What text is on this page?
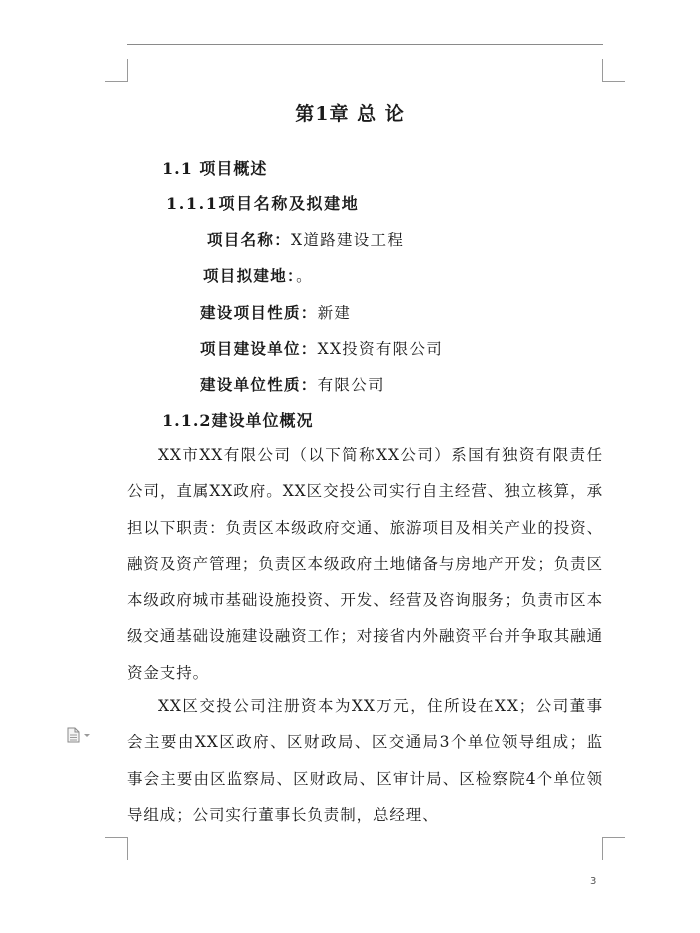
第1章 总 论
1.1 项目概述
1.1.1项目名称及拟建地
项目名称：X道路建设工程
项目拟建地：。
建设项目性质：新建
项目建设单位：XX投资有限公司
建设单位性质：有限公司
1.1.2建设单位概况

XX市XX有限公司（以下简称XX公司）系国有独资有限责任公司，直属XX政府。XX区交投公司实行自主经营、独立核算，承担以下职责：负责区本级政府交通、旅游项目及相关产业的投资、融资及资产管理；负责区本级政府土地储备与房地产开发；负责区本级政府城市基础设施投资、开发、经营及咨询服务；负责市区本级交通基础设施建设融资工作；对接省内外融资平台并争取其融通资金支持。

XX区交投公司注册资本为XX万元，住所设在XX；公司董事会主要由XX区政府、区财政局、区交通局3个单位领导组成；监事会主要由区监察局、区财政局、区审计局、区检察院4个单位领导组成；公司实行董事长负责制，总经理、

3
